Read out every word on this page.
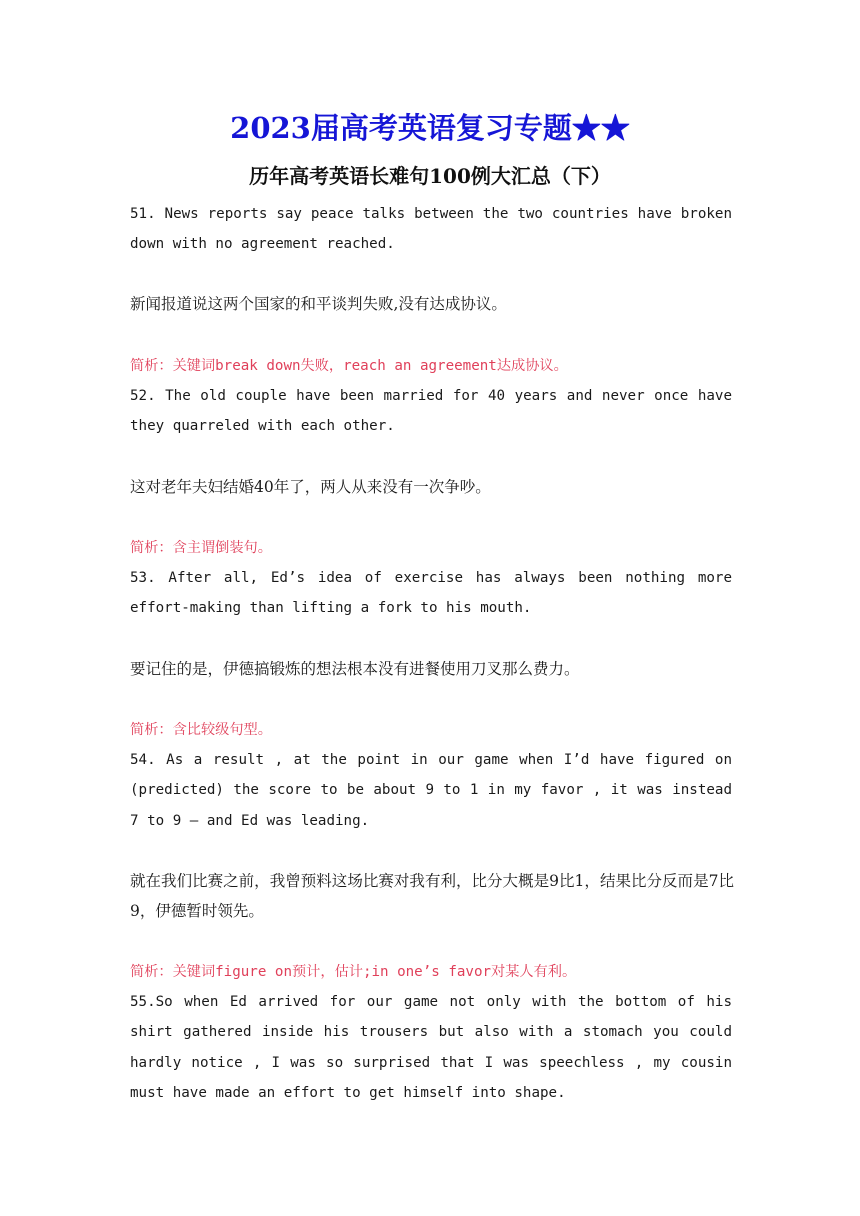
2023届高考英语复习专题★★
历年高考英语长难句100例大汇总（下）

51. News reports say peace talks between the two countries have broken down with no agreement reached.

新闻报道说这两个国家的和平谈判失败,没有达成协议。

简析：关键词break down失败，reach an agreement达成协议。

52. The old couple have been married for 40 years and never once have they quarreled with each other.

这对老年夫妇结婚40年了，两人从来没有一次争吵。

简析：含主谓倒装句。

53. After all, Ed’s idea of exercise has always been nothing more effort-making than lifting a fork to his mouth.

要记住的是，伊德搞锻炼的想法根本没有进餐使用刀叉那么费力。

简析：含比较级句型。

54. As a result , at the point in our game when I’d have figured on (predicted) the score to be about 9 to 1 in my favor , it was instead 7 to 9 — and Ed was leading.

就在我们比赛之前，我曾预料这场比赛对我有利，比分大概是9比1，结果比分反而是7比9，伊德暂时领先。

简析：关键词figure on预计，估计;in one’s favor对某人有利。

55.So when Ed arrived for our game not only with the bottom of his shirt gathered inside his trousers but also with a stomach you could hardly notice , I was so surprised that I was speechless , my cousin must have made an effort to get himself into shape.
